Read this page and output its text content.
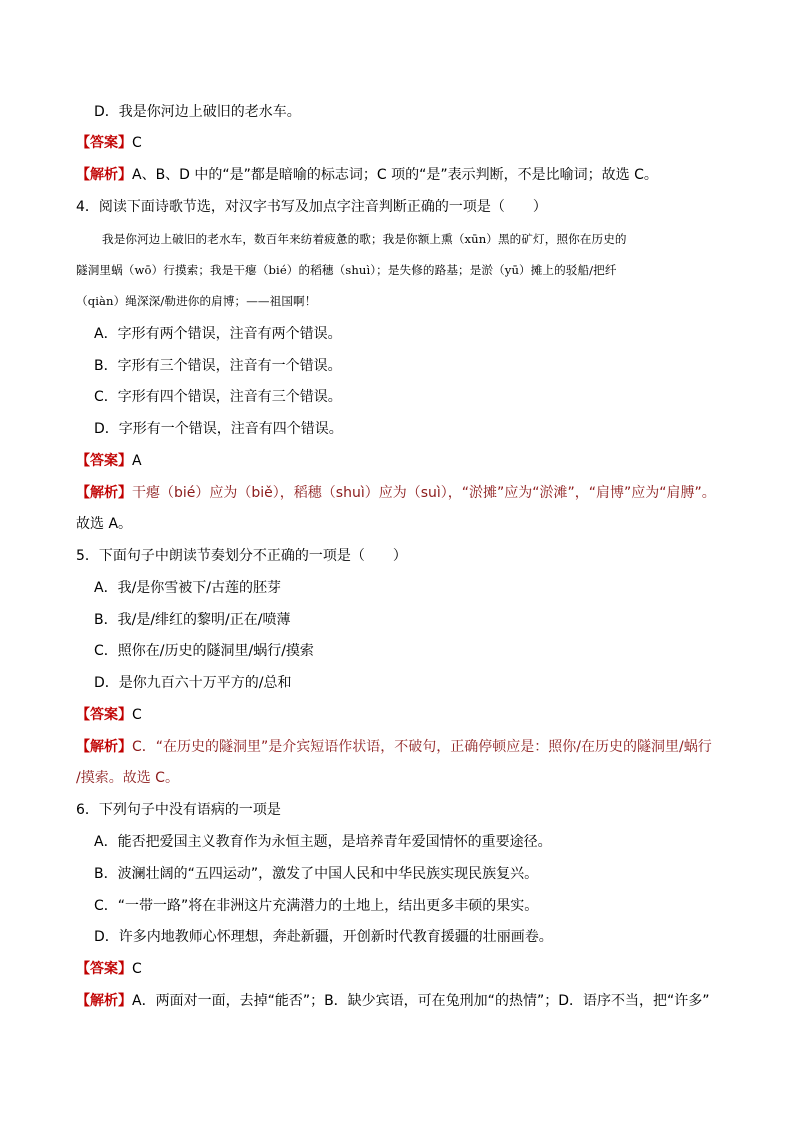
D．我是你河边上破旧的老水车。
【答案】C
【解析】A、B、D 中的“是”都是暗喻的标志词；C 项的“是”表示判断，不是比喻词；故选 C。
4．阅读下面诗歌节选，对汉字书写及加点字注音判断正确的一项是（　　）
我是你河边上破旧的老水车，数百年来纺着疲惫的歌；我是你额上熏（xūn）黑的矿灯，照你在历史的
隧洞里蜗（wō）行摸索；我是干瘪（bié）的稻穗（shuì）；是失修的路基；是淤（yū）摊上的驳船/把纤
（qiàn）绳深深/勒进你的肩博；——祖国啊！
A．字形有两个错误，注音有两个错误。
B．字形有三个错误，注音有一个错误。
C．字形有四个错误，注音有三个错误。
D．字形有一个错误，注音有四个错误。
【答案】A
【解析】干瘪（bié）应为（biě），稻穗（shuì）应为（suì），“淤摊”应为“淤滩”，“肩博”应为“肩膊”。
故选 A。
5．下面句子中朗读节奏划分不正确的一项是（　　）
A．我/是你雪被下/古莲的胚芽
B．我/是/绯红的黎明/正在/喷薄
C．照你在/历史的隧洞里/蜗行/摸索
D．是你九百六十万平方的/总和
【答案】C
【解析】C．“在历史的隧洞里”是介宾短语作状语，不破句，正确停顿应是：照你/在历史的隧洞里/蜗行
/摸索。故选 C。
6．下列句子中没有语病的一项是
A．能否把爱国主义教育作为永恒主题，是培养青年爱国情怀的重要途径。
B．波澜壮阔的“五四运动”，激发了中国人民和中华民族实现民族复兴。
C．“一带一路”将在非洲这片充满潜力的土地上，结出更多丰硕的果实。
D．许多内地教师心怀理想，奔赴新疆，开创新时代教育援疆的壮丽画卷。
【答案】C
【解析】A．两面对一面，去掉“能否”；B．缺少宾语，可在兔刑加“的热情”；D．语序不当，把“许多”
